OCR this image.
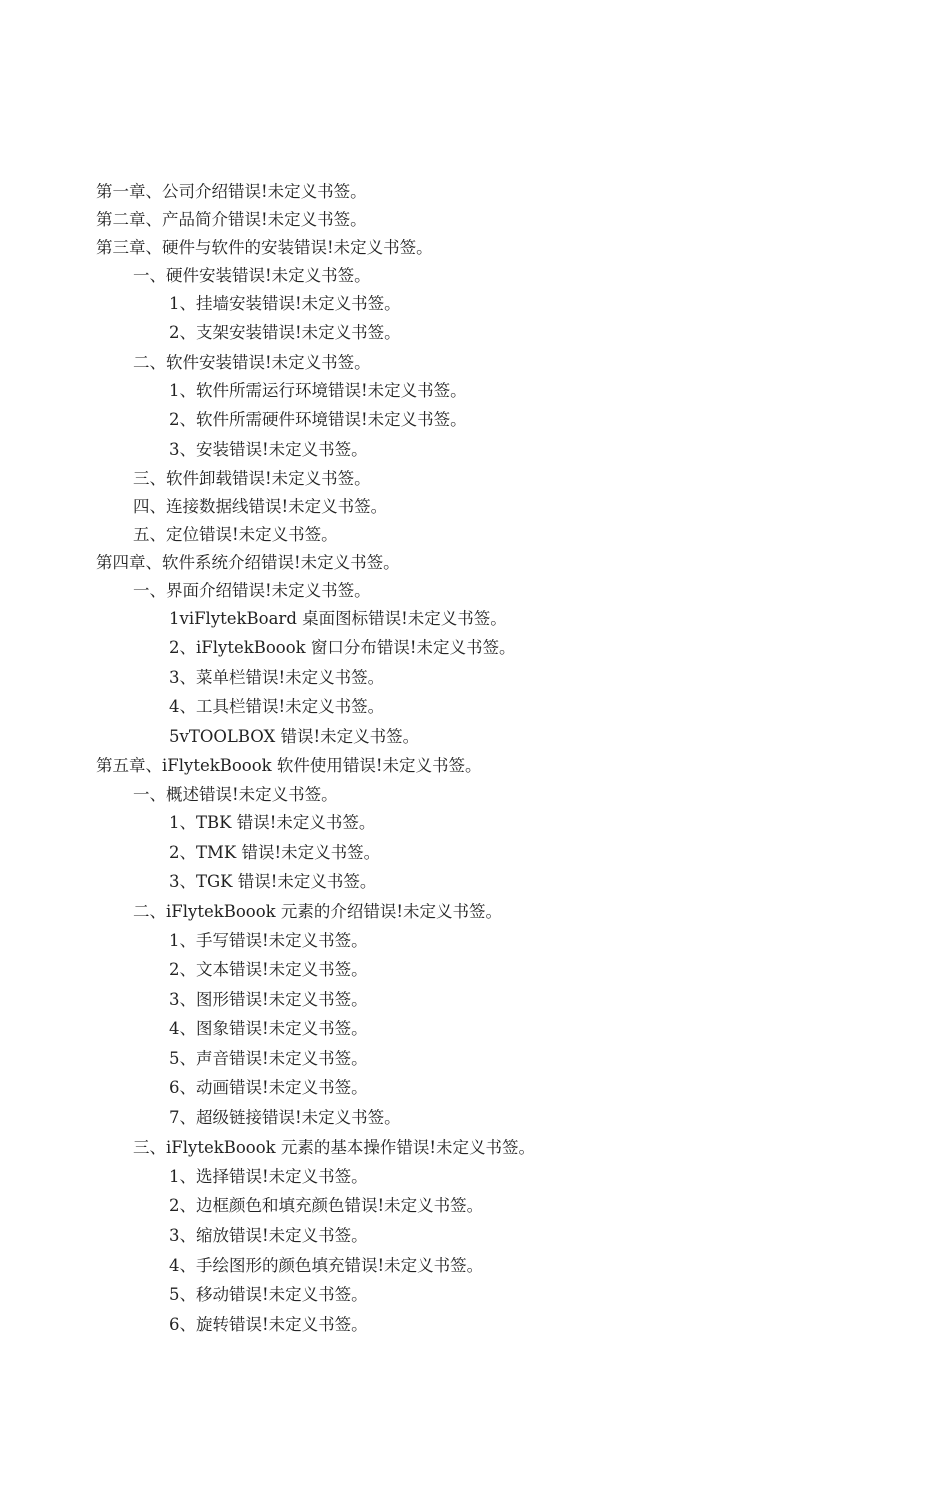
第一章、公司介绍错误!未定义书签。
第二章、产品简介错误!未定义书签。
第三章、硬件与软件的安装错误!未定义书签。
一、硬件安装错误!未定义书签。
1、挂墙安装错误!未定义书签。
2、支架安装错误!未定义书签。
二、软件安装错误!未定义书签。
1、软件所需运行环境错误!未定义书签。
2、软件所需硬件环境错误!未定义书签。
3、安装错误!未定义书签。
三、软件卸载错误!未定义书签。
四、连接数据线错误!未定义书签。
五、定位错误!未定义书签。
第四章、软件系统介绍错误!未定义书签。
一、界面介绍错误!未定义书签。
1viFlytekBoard 桌面图标错误!未定义书签。
2、iFlytekBoook 窗口分布错误!未定义书签。
3、菜单栏错误!未定义书签。
4、工具栏错误!未定义书签。
5vTOOLBOX 错误!未定义书签。
第五章、iFlytekBoook 软件使用错误!未定义书签。
一、概述错误!未定义书签。
1、TBK 错误!未定义书签。
2、TMK 错误!未定义书签。
3、TGK 错误!未定义书签。
二、iFlytekBoook 元素的介绍错误!未定义书签。
1、手写错误!未定义书签。
2、文本错误!未定义书签。
3、图形错误!未定义书签。
4、图象错误!未定义书签。
5、声音错误!未定义书签。
6、动画错误!未定义书签。
7、超级链接错误!未定义书签。
三、iFlytekBoook 元素的基本操作错误!未定义书签。
1、选择错误!未定义书签。
2、边框颜色和填充颜色错误!未定义书签。
3、缩放错误!未定义书签。
4、手绘图形的颜色填充错误!未定义书签。
5、移动错误!未定义书签。
6、旋转错误!未定义书签。
